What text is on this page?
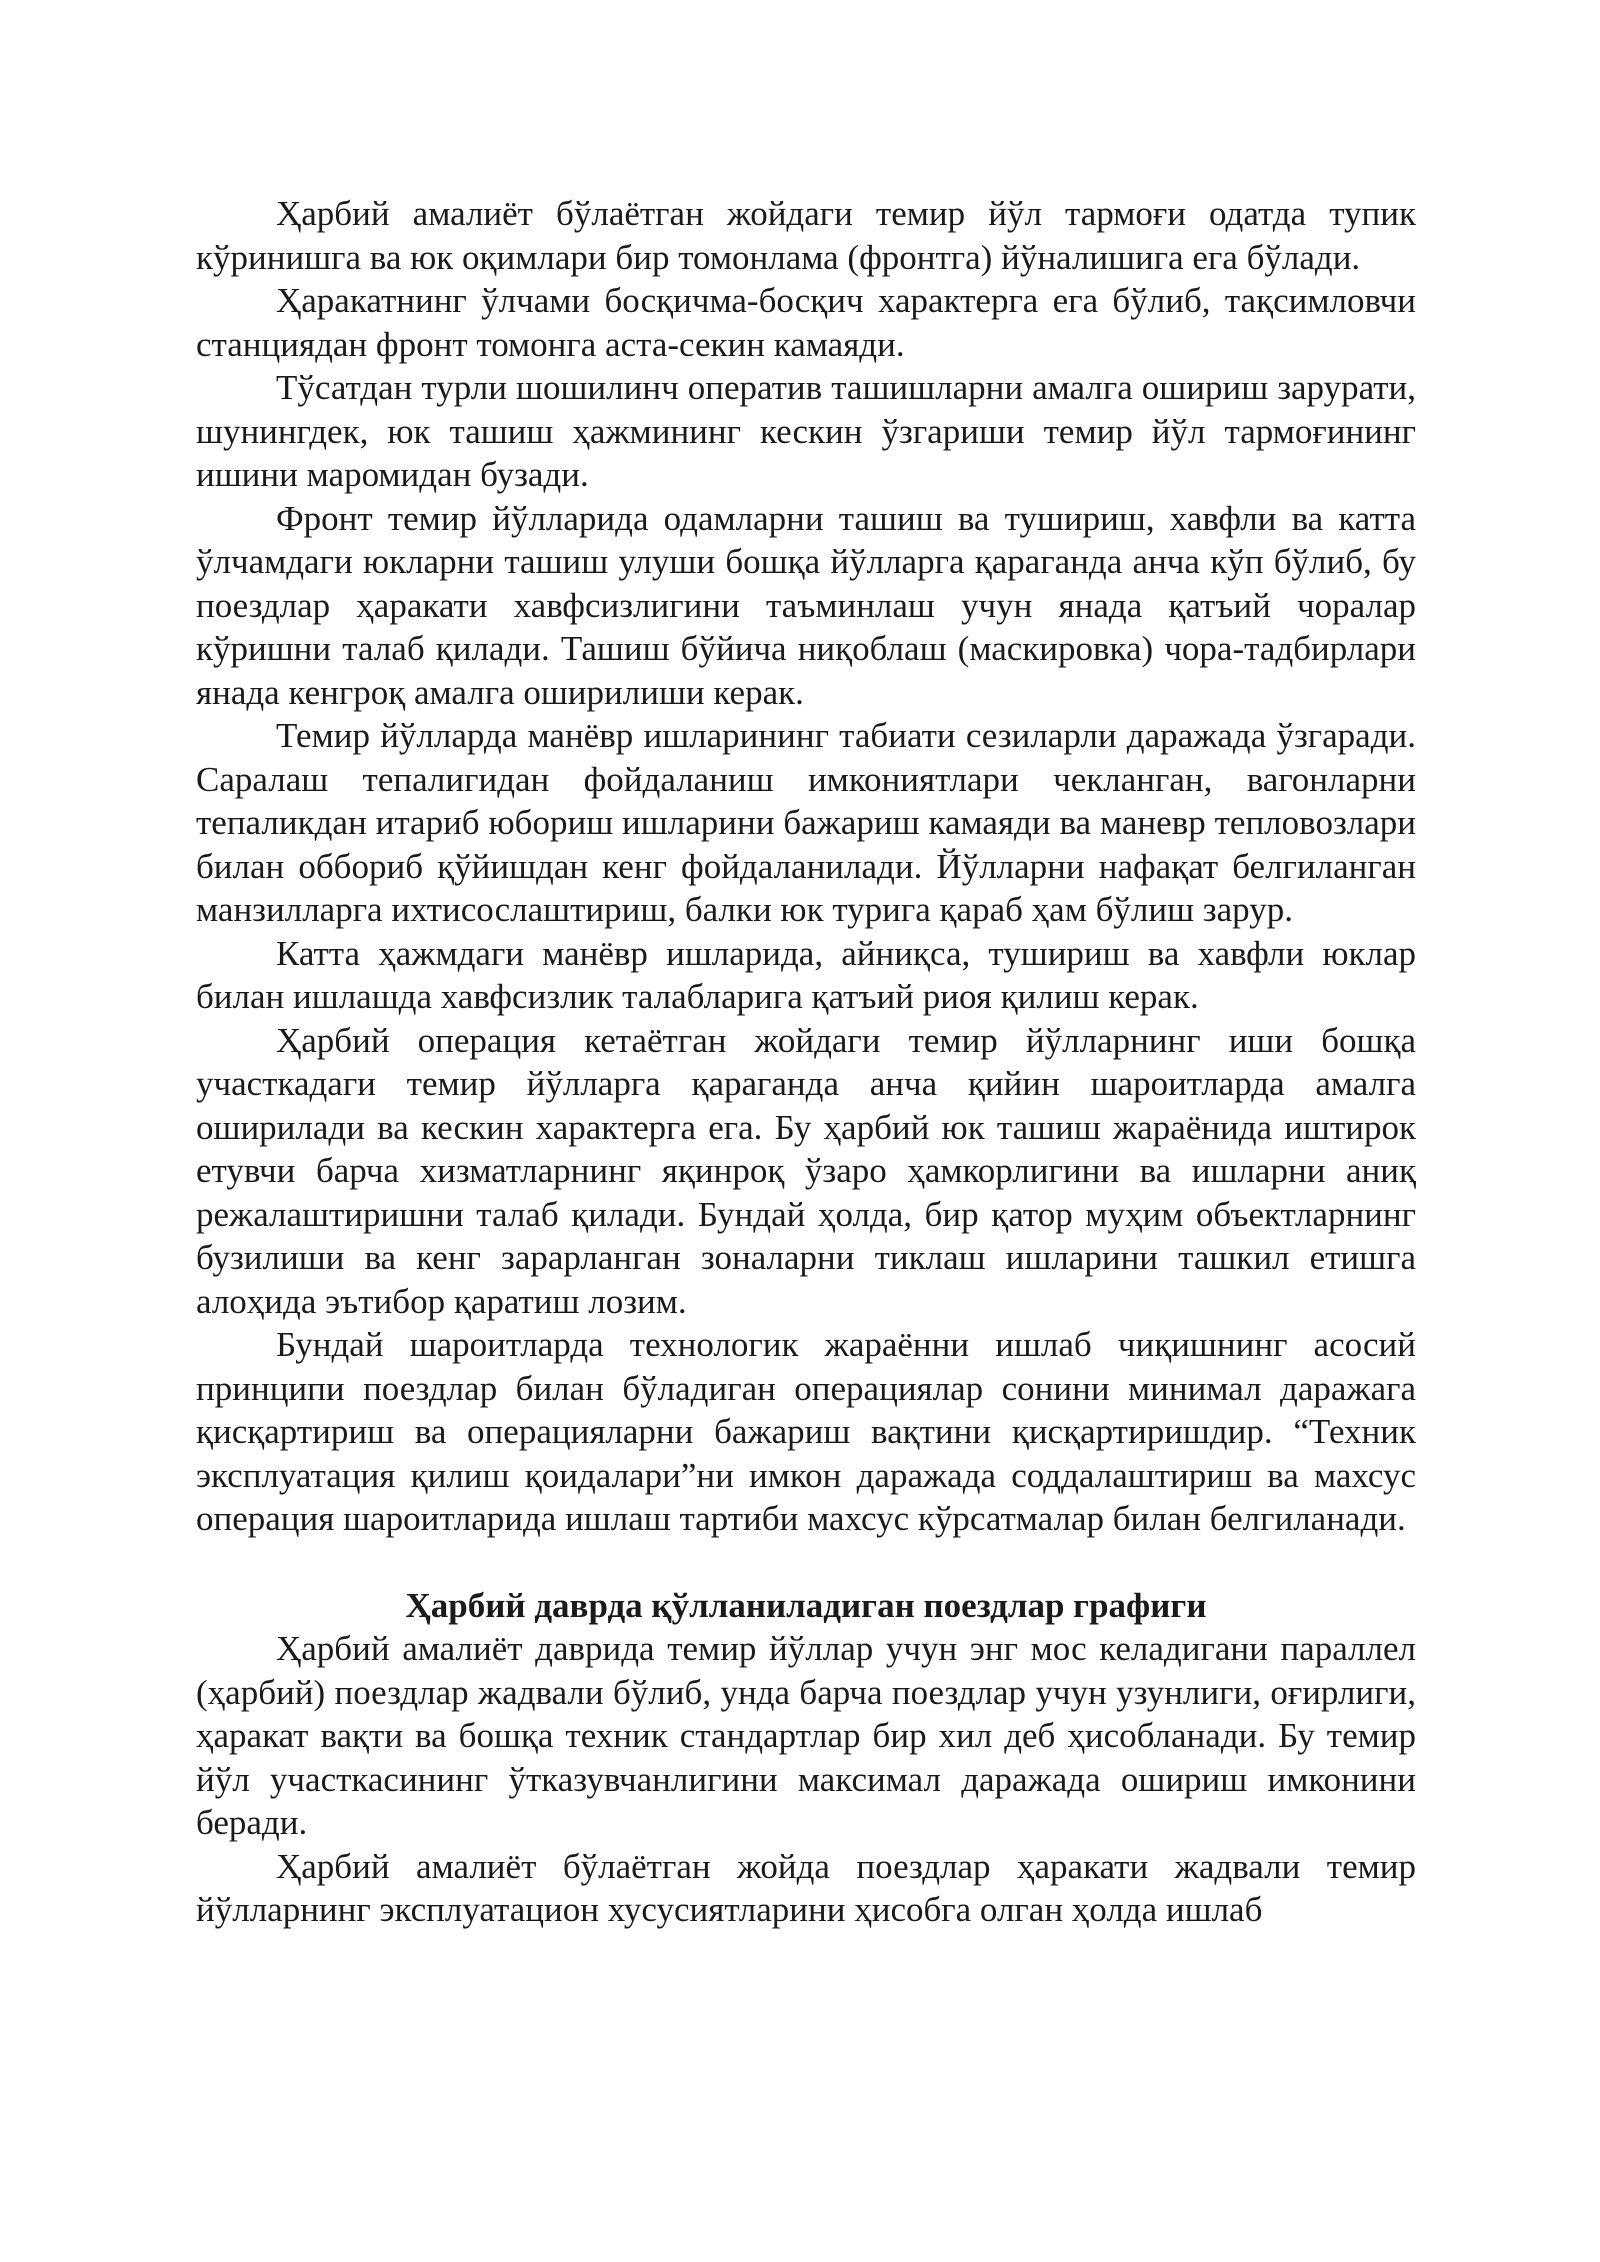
Ҳарбий амалиёт бўлаётган жойдаги темир йўл тармоғи одатда тупик кўринишга ва юк оқимлари бир томонлама (фронтга) йўналишига ега бўлади.

Ҳаракатнинг ўлчами босқичма-босқич характерга ега бўлиб, тақсимловчи станциядан фронт томонга аста-секин камаяди.

Тўсатдан турли шошилинч оператив ташишларни амалга ошириш зарурати, шунингдек, юк ташиш ҳажмининг кескин ўзгариши темир йўл тармоғининг ишини маромидан бузади.

Фронт темир йўлларида одамларни ташиш ва тушириш, хавфли ва катта ўлчамдаги юкларни ташиш улуши бошқа йўлларга қараганда анча кўп бўлиб, бу поездлар ҳаракати хавфсизлигини таъминлаш учун янада қатъий чоралар кўришни талаб қилади. Ташиш бўйича ниқоблаш (маскировка) чора-тадбирлари янада кенгроқ амалга оширилиши керак.

Темир йўлларда манёвр ишларининг табиати сезиларли даражада ўзгаради. Саралаш тепалигидан фойдаланиш имкониятлари чекланган, вагонларни тепаликдан итариб юбориш ишларини бажариш камаяди ва маневр тепловозлари билан оббориб қўйишдан кенг фойдаланилади. Йўлларни нафақат белгиланган манзилларга ихтисослаштириш, балки юк турига қараб ҳам бўлиш зарур.

Катта ҳажмдаги манёвр ишларида, айниқса, тушириш ва хавфли юклар билан ишлашда хавфсизлик талабларига қатъий риоя қилиш керак.

Ҳарбий операция кетаётган жойдаги темир йўлларнинг иши бошқа участкадаги темир йўлларга қараганда анча қийин шароитларда амалга оширилади ва кескин характерга ега. Бу ҳарбий юк ташиш жараёнида иштирок етувчи барча хизматларнинг яқинроқ ўзаро ҳамкорлигини ва ишларни аниқ режалаштиришни талаб қилади. Бундай ҳолда, бир қатор муҳим объектларнинг бузилиши ва кенг зарарланган зоналарни тиклаш ишларини ташкил етишга алоҳида эътибор қаратиш лозим.

Бундай шароитларда технологик жараённи ишлаб чиқишнинг асосий принципи поездлар билан бўладиган операциялар сонини минимал даражага қисқартириш ва операцияларни бажариш вақтини қисқартиришдир. “Техник эксплуатация қилиш қоидалари”ни имкон даражада соддалаштириш ва махсус операция шароитларида ишлаш тартиби махсус кўрсатмалар билан белгиланади.

Ҳарбий даврда қўлланиладиган поездлар графиги

Ҳарбий амалиёт даврида темир йўллар учун энг мос келадигани параллел (ҳарбий) поездлар жадвали бўлиб, унда барча поездлар учун узунлиги, оғирлиги, ҳаракат вақти ва бошқа техник стандартлар бир хил деб ҳисобланади. Бу темир йўл участкасининг ўтказувчанлигини максимал даражада ошириш имконини беради.

Ҳарбий амалиёт бўлаётган жойда поездлар ҳаракати жадвали темир йўлларнинг эксплуатацион хусусиятларини ҳисобга олган ҳолда ишлаб
